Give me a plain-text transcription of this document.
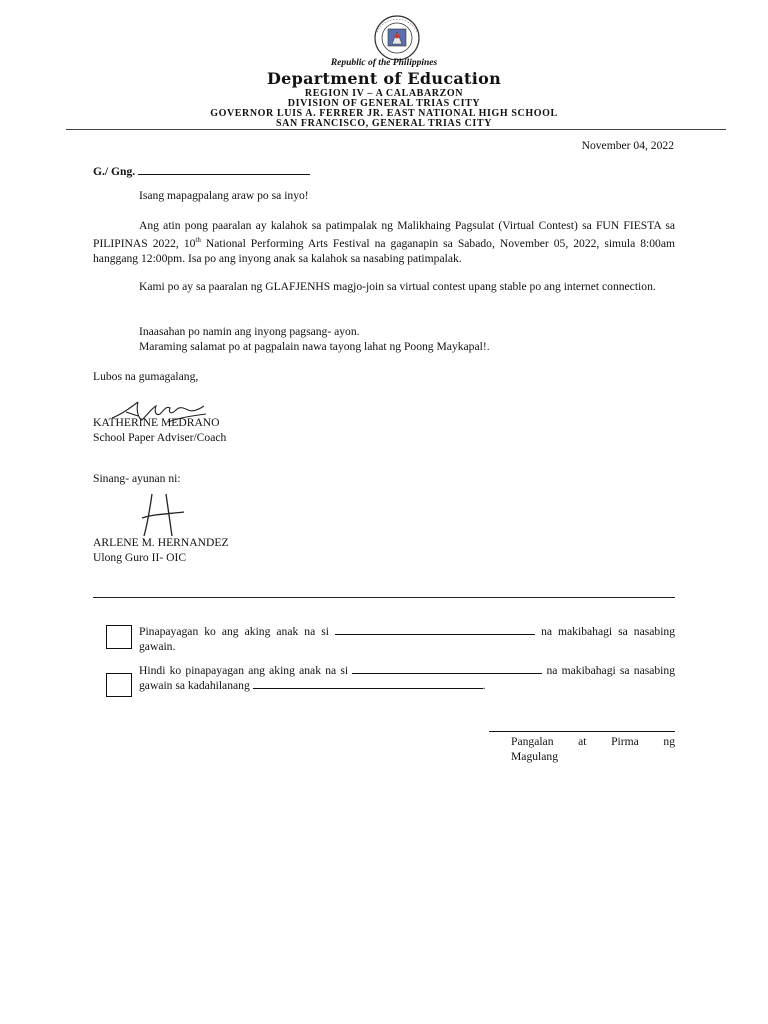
Republic of the Philippines
Department of Education
REGION IV – A CALABARZON
DIVISION OF GENERAL TRIAS CITY
GOVERNOR LUIS A. FERRER JR. EAST NATIONAL HIGH SCHOOL
SAN FRANCISCO, GENERAL TRIAS CITY
November 04, 2022
G./ Gng.
Isang mapagpalang araw po sa inyo!
Ang atin pong paaralan ay kalahok sa patimpalak ng Malikhaing Pagsulat (Virtual Contest) sa FUN FIESTA sa PILIPINAS 2022, 10th National Performing Arts Festival na gaganapin sa Sabado, November 05, 2022, simula 8:00am hanggang 12:00pm. Isa po ang inyong anak sa kalahok sa nasabing patimpalak.
Kami po ay sa paaralan ng GLAFJENHS magjo-join sa virtual contest upang stable po ang internet connection.
Inaasahan po namin ang inyong pagsang- ayon.
Maraming salamat po at pagpalain nawa tayong lahat ng Poong Maykapal!.
Lubos na gumagalang,
KATHERINE MEDRANO
School Paper Adviser/Coach
Sinang- ayunan ni:
ARLENE M. HERNANDEZ
Ulong Guro II- OIC
Pinapayagan ko ang aking anak na si	na makibahagi sa nasabing gawain.
Hindi ko pinapayagan ang aking anak na si	na makibahagi sa nasabing gawain sa kadahilanang	.
Pangalan at Pirma ng
Magulang
